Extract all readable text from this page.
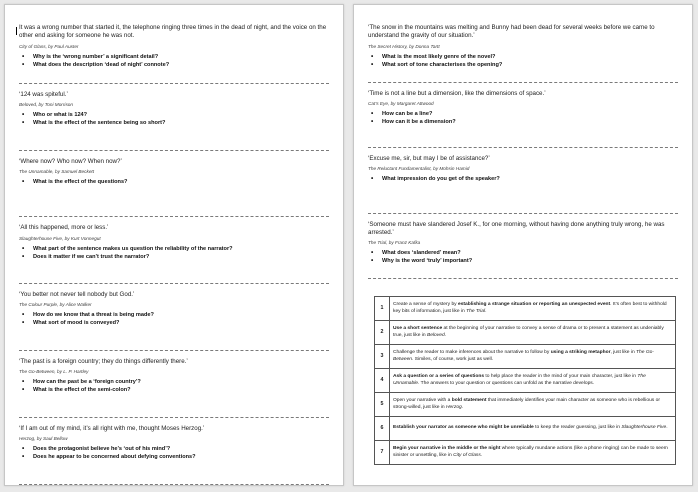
It was a wrong number that started it, the telephone ringing three times in the dead of night, and the voice on the other end asking for someone he was not.
City of Glass, by Paul Auster
• Why is the ‘wrong number’ a significant detail?
• What does the description ‘dead of night’ connote?
‘124 was spiteful.’
Beloved, by Toni Morrison
• Who or what is 124?
• What is the effect of the sentence being so short?
‘Where now? Who now? When now?’
The Unnamable, by Samuel Beckett
• What is the effect of the questions?
‘All this happened, more or less.’
Slaughterhouse Five, by Kurt Vonnegut
• What part of the sentence makes us question the reliability of the narrator?
• Does it matter if we can’t trust the narrator?
‘You better not never tell nobody but God.’
The Colour Purple, by Alice Walker
• How do we know that a threat is being made?
• What sort of mood is conveyed?
‘The past is a foreign country; they do things differently there.’
The Go-Between, by L. P. Hartley
• How can the past be a ‘foreign country’?
• What is the effect of the semi-colon?
‘If I am out of my mind, it’s all right with me, thought Moses Herzog.’
Herzog, by Saul Bellow
• Does the protagonist believe he’s ‘out of his mind’?
• Does he appear to be concerned about defying conventions?
‘The snow in the mountains was melting and Bunny had been dead for several weeks before we came to understand the gravity of our situation.’
The Secret History, by Donna Tartt
• What is the most likely genre of the novel?
• What sort of tone characterises the opening?
‘Time is not a line but a dimension, like the dimensions of space.’
Cat’s Eye, by Margaret Attwood
• How can be a line?
• How can it be a dimension?
‘Excuse me, sir, but may I be of assistance?’
The Reluctant Fundamentalist, by Mohsin Hamid
• What impression do you get of the speaker?
‘Someone must have slandered Josef K., for one morning, without having done anything truly wrong, he was arrested.’
The Trial, by Franz Kafka
• What does ‘slandered’ mean?
• Why is the word ‘truly’ important?
1	Create a sense of mystery by establishing a strange situation or reporting an unexpected event. It’s often best to withhold key bits of information, just like in The Trial.
2	Use a short sentence at the beginning of your narrative to convey a sense of drama or to present a statement as undeniably true, just like in Beloved.
3	Challenge the reader to make inferences about the narrative to follow by using a striking metaphor, just like in The Go-Between. Similes, of course, work just as well.
4	Ask a question or a series of questions to help place the reader in the mind of your main character, just like in The Unnamable. The answers to your question or questions can unfold as the narrative develops.
5	Open your narrative with a bold statement that immediately identifies your main character as someone who is rebellious or strong-willed, just like in Herzog.
6	Establish your narrator as someone who might be unreliable to keep the reader guessing, just like in Slaughterhouse Five.
7	Begin your narrative in the middle or the night where typically mundane actions (like a phone ringing) can be made to seem sinister or unsettling, like in City of Glass.
